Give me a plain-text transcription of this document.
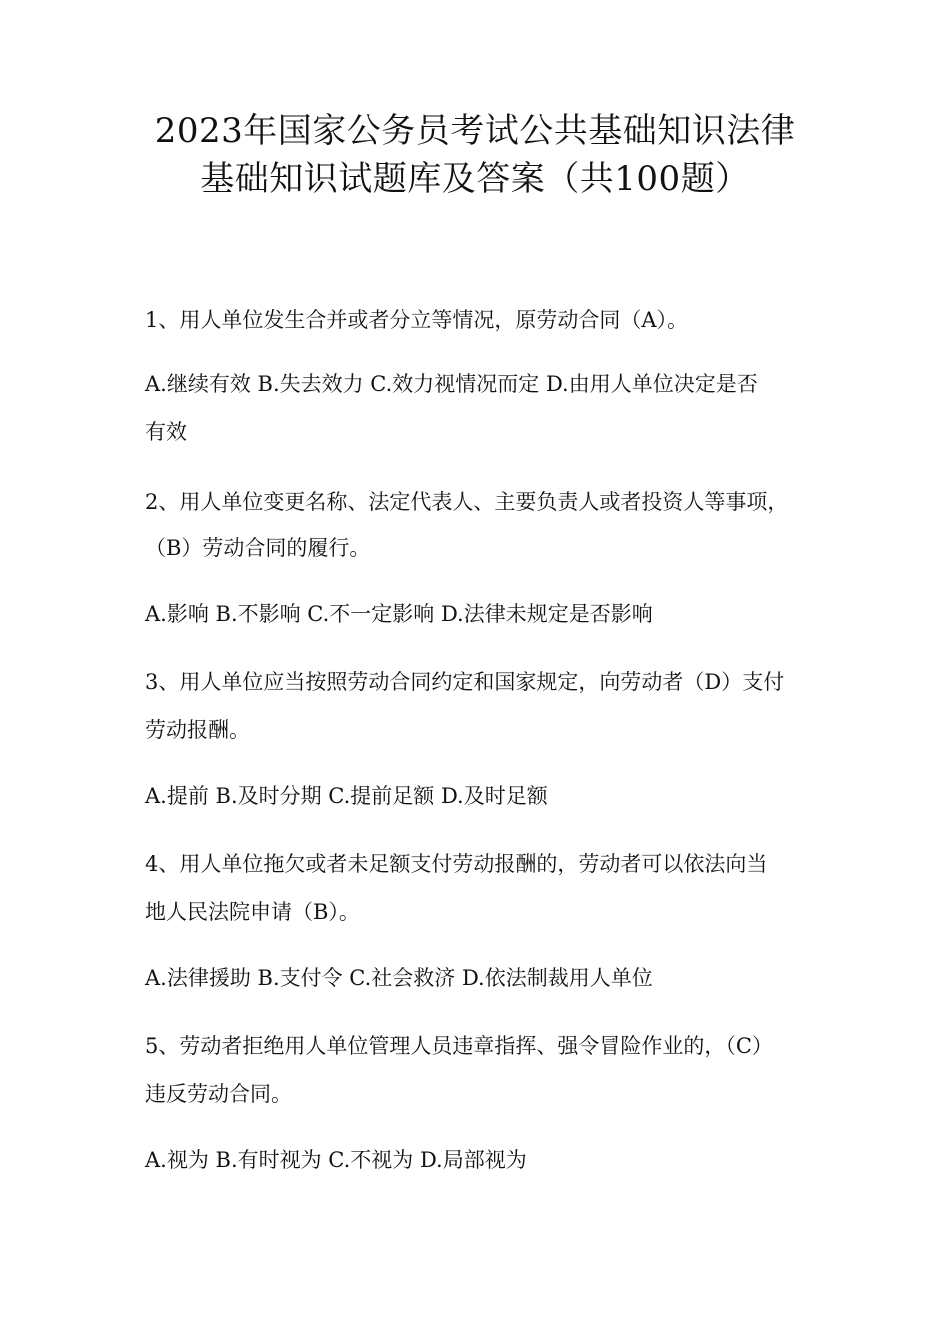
2023年国家公务员考试公共基础知识法律
基础知识试题库及答案（共100题）

1、用人单位发生合并或者分立等情况，原劳动合同（A）。

A.继续有效 B.失去效力 C.效力视情况而定 D.由用人单位决定是否

有效

2、用人单位变更名称、法定代表人、主要负责人或者投资人等事项，

（B）劳动合同的履行。

A.影响 B.不影响 C.不一定影响 D.法律未规定是否影响

3、用人单位应当按照劳动合同约定和国家规定，向劳动者（D）支付

劳动报酬。

A.提前 B.及时分期 C.提前足额 D.及时足额

4、用人单位拖欠或者未足额支付劳动报酬的，劳动者可以依法向当

地人民法院申请（B）。

A.法律援助 B.支付令 C.社会救济 D.依法制裁用人单位

5、劳动者拒绝用人单位管理人员违章指挥、强令冒险作业的，（C）

违反劳动合同。

A.视为 B.有时视为 C.不视为 D.局部视为
